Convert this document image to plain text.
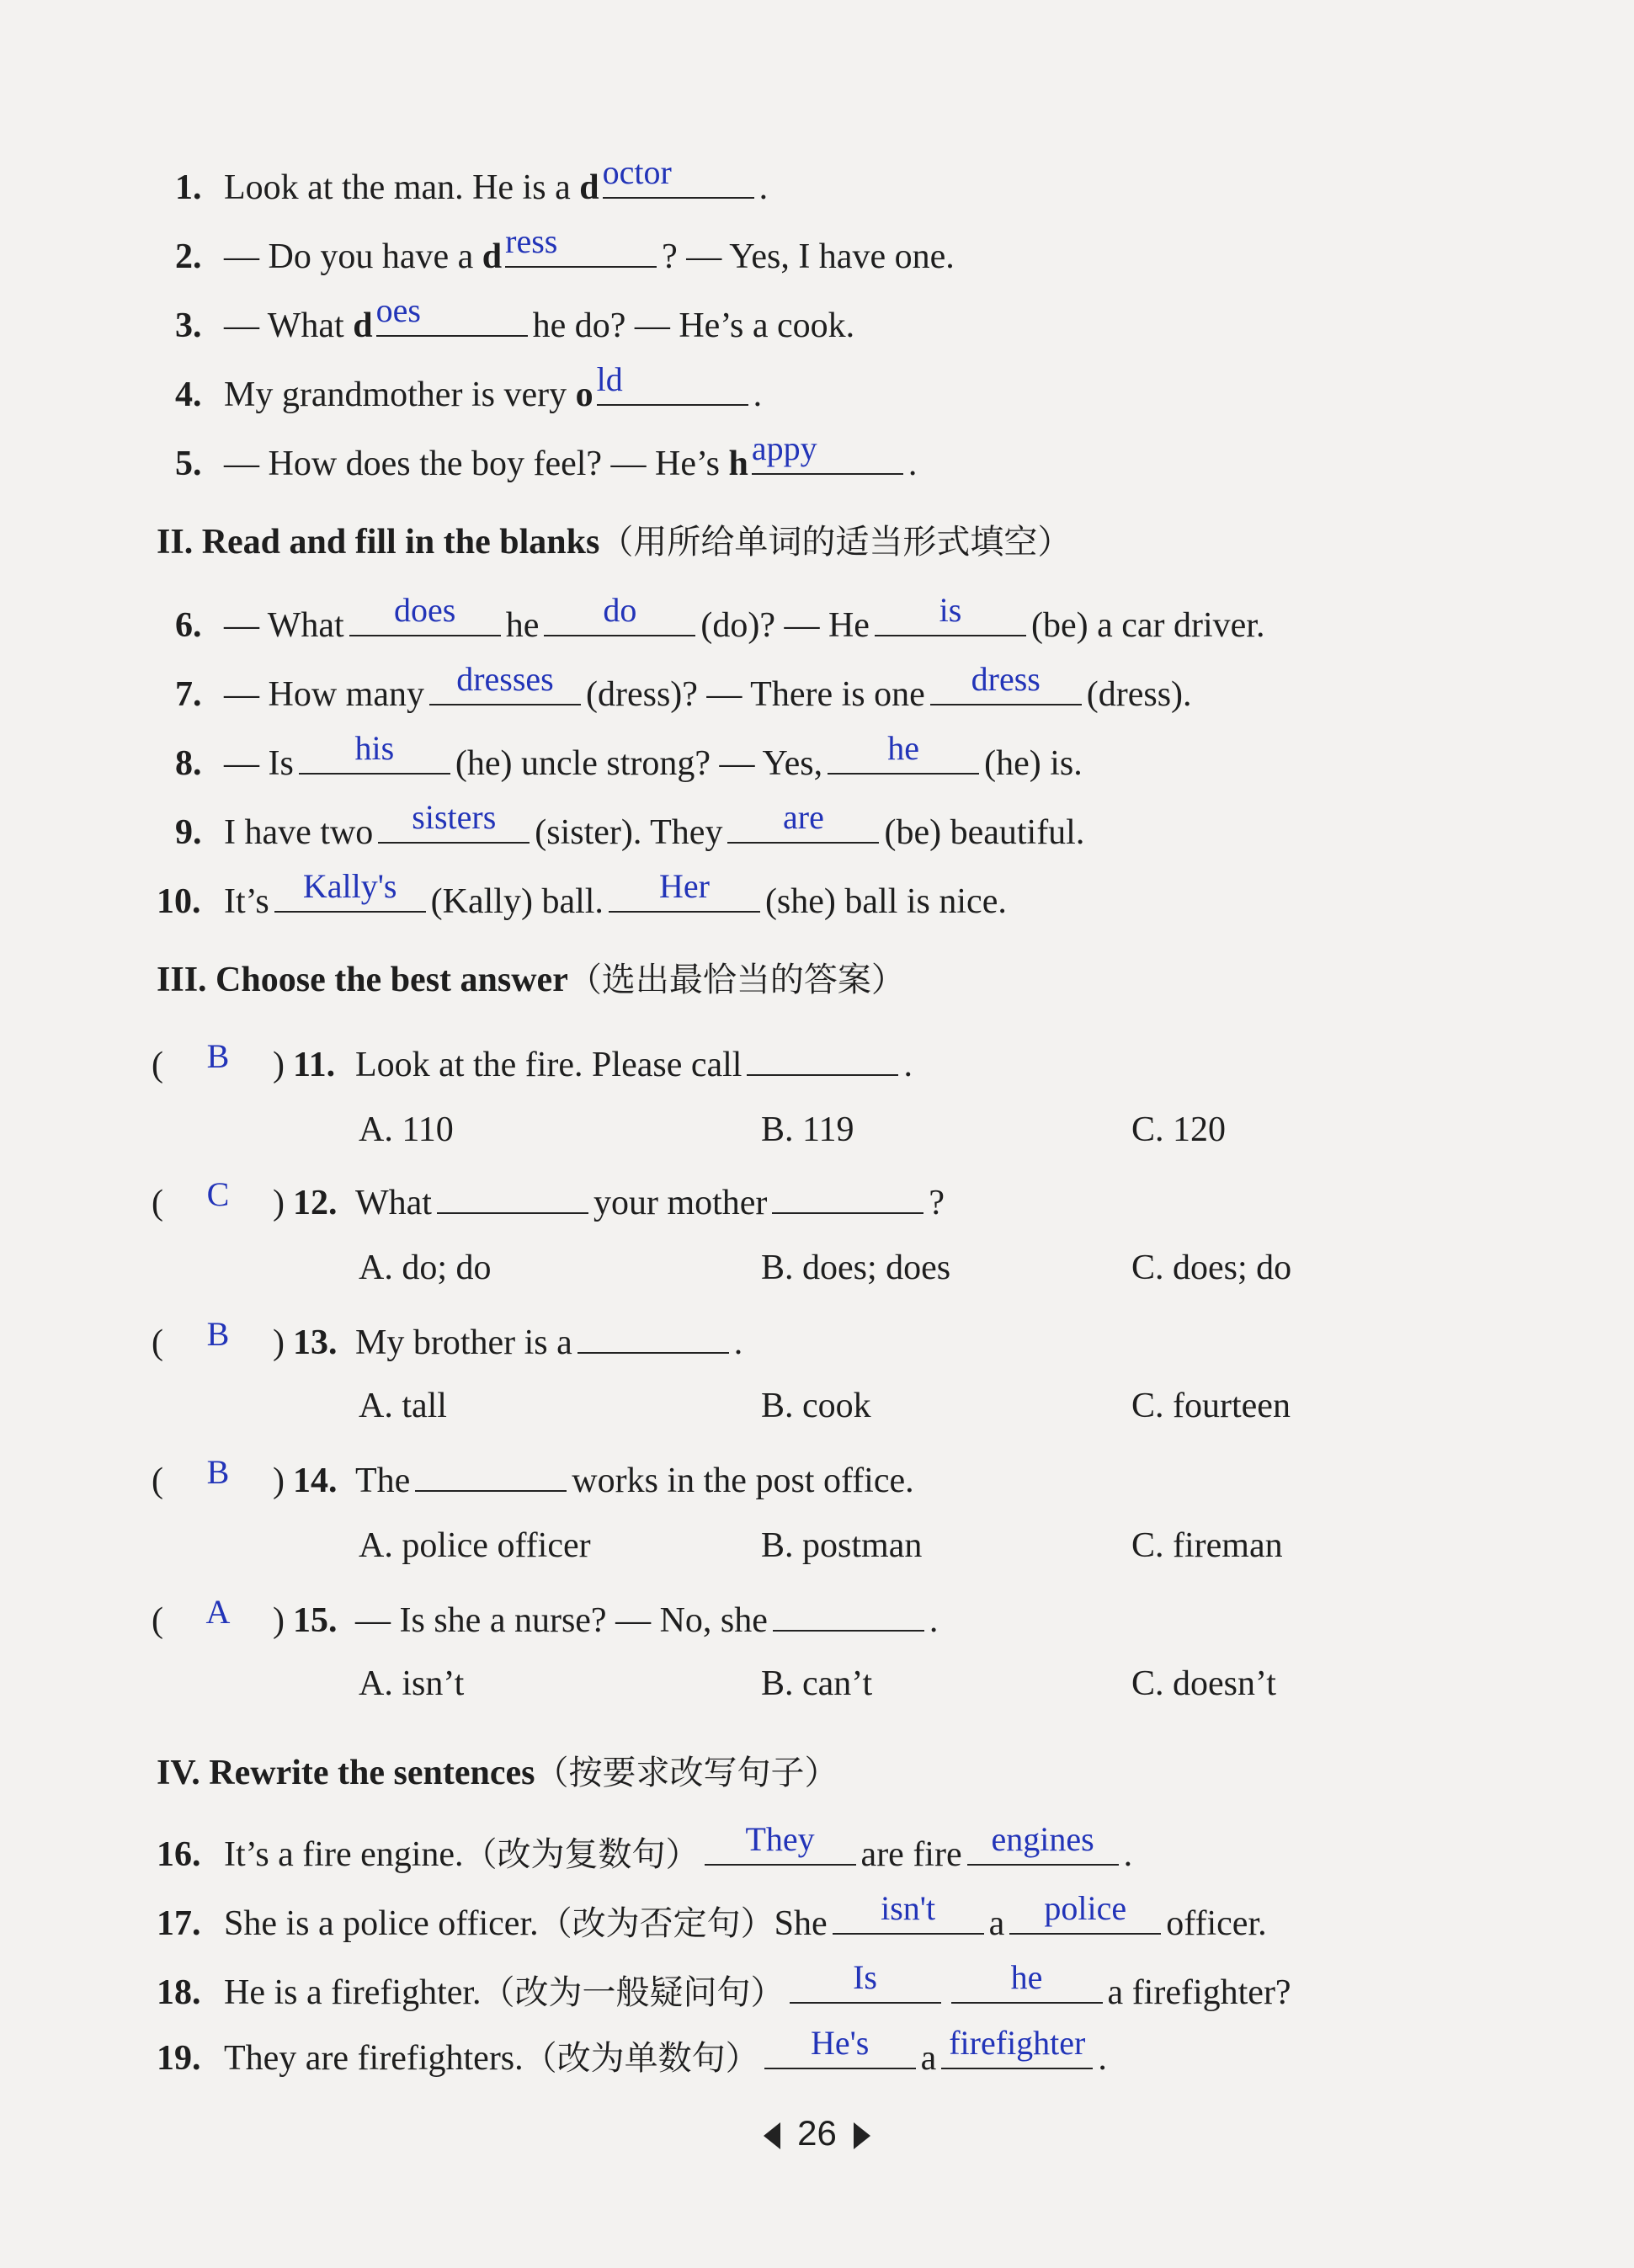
1. Look at the man. He is a d octor	.
2. — Do you have a d ress	? — Yes, I have one.
3. — What d oes	he do? — He’s a cook.
4. My grandmother is very o ld	.
5. — How does the boy feel? — He’s h appy	.
II. Read and fill in the blanks （用所给单词的适当形式填空）
6. — What	does	he	do	(do)? — He	is	(be) a car driver.
7. — How many dresses (dress)? — There is one	dress	(dress).
8. — Is	his	(he) uncle strong? — Yes,	he	(he) is.
9. I have two	sisters	(sister). They	are	(be) beautiful.
10. It’s	Kally's (Kally) ball.	Her	(she) ball is nice.
III. Choose the best answer （选出最恰当的答案）
(	B	) 11. Look at the fire. Please call	.
A. 110	B. 119	C. 120
(	C	) 12. What	your mother	?
A. do; do	B. does; does	C. does; do
(	B	) 13. My brother is a	.
A. tall	B. cook	C. fourteen
(	B	) 14. The	works in the post office.
A. police officer	B. postman	C. fireman
(	A	) 15. — Is she a nurse? — No, she	.
A. isn’t	B. can’t	C. doesn’t
IV. Rewrite the sentences （按要求改写句子）
16. It’s a fire engine. （改为复数句）	They	are fire engines .
17. She is a police officer. （改为否定句） She	isn't	a	police	officer.
18. He is a firefighter. （改为一般疑问句）	Is	he	a firefighter?
19. They are firefighters. （改为单数句）	He's	a firefighter .
26
